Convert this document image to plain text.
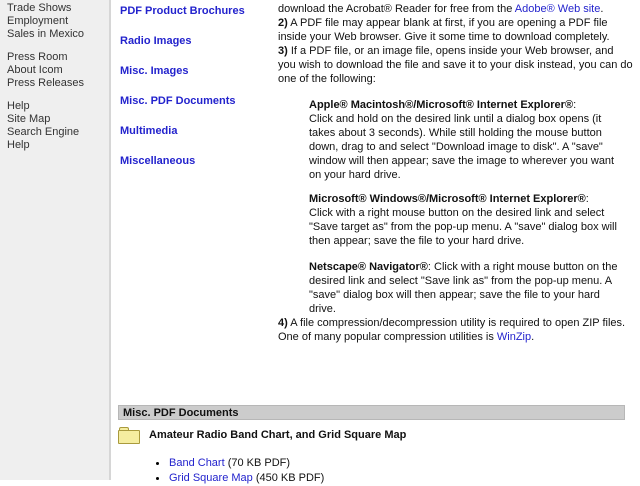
Trade Shows
Employment
Sales in Mexico
Press Room
About Icom
Press Releases
Help
Site Map
Search Engine
Help
PDF Product Brochures
Radio Images
Misc. Images
Misc. PDF Documents
Multimedia
Miscellaneous

download the Acrobat® Reader for free from the Adobe® Web site.

2) A PDF file may appear blank at first, if you are opening a PDF file inside your Web browser. Give it some time to download completely.

3) If a PDF file, or an image file, opens inside your Web browser, and you wish to download the file and save it to your disk instead, you can do one of the following:

Apple® Macintosh®/Microsoft® Internet Explorer®:
Click and hold on the desired link until a dialog box opens (it takes about 3 seconds). While still holding the mouse button down, drag to and select "Download image to disk". A "save" window will then appear; save the image to wherever you want on your hard drive.
Microsoft® Windows®/Microsoft® Internet Explorer®:
Click with a right mouse button on the desired link and select "Save target as" from the pop-up menu. A "save" dialog box will then appear; save the file to your hard drive.
Netscape® Navigator®: Click with a right mouse button on the desired link and select "Save link as" from the pop-up menu. A "save" dialog box will then appear; save the file to your hard drive.

4) A file compression/decompression utility is required to open ZIP files. One of many popular compression utilities is WinZip.

Misc. PDF Documents
Amateur Radio Band Chart, and Grid Square Map
Band Chart (70 KB PDF)
Grid Square Map (450 KB PDF)
